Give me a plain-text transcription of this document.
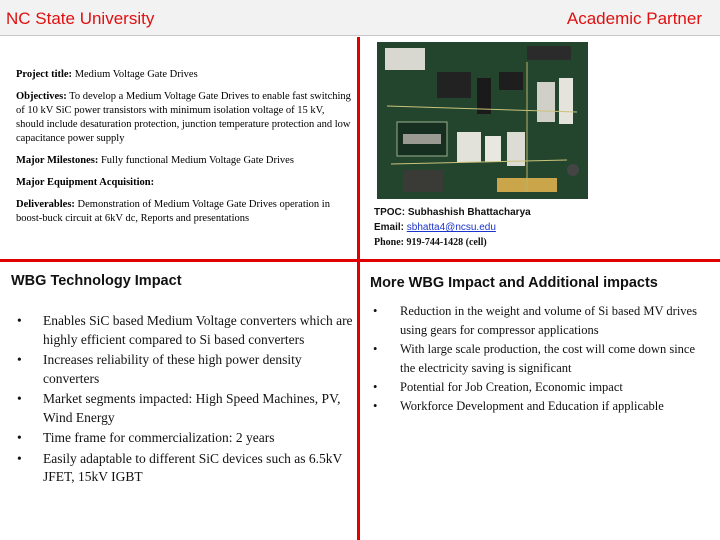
NC State University	Academic Partner

Project title: Medium Voltage Gate Drives

Objectives: To develop a Medium Voltage Gate Drives to enable fast switching of 10 kV SiC power transistors with minimum isolation voltage of 15 kV, should include desaturation protection, junction temperature protection and low capacitance power supply

Major Milestones: Fully functional Medium Voltage Gate Drives

Major Equipment Acquisition:

Deliverables: Demonstration of Medium Voltage Gate Drives operation in boost-buck circuit at 6kV dc, Reports and presentations

TPOC: Subhashish Bhattacharya
Email: sbhatta4@ncsu.edu
Phone: 919-744-1428 (cell)
WBG Technology Impact	More WBG Impact and Additional impacts
• Enables SiC based Medium Voltage converters which are highly efficient compared to Si based converters
• Increases reliability of these high power density converters
• Market segments impacted: High Speed Machines, PV, Wind Energy
• Time frame for commercialization: 2 years
• Easily adaptable to different SiC devices such as 6.5kV JFET, 15kV IGBT
• Reduction in the weight and volume of Si based MV drives using gears for compressor applications
• With large scale production, the cost will come down since the electricity saving is significant
• Potential for Job Creation, Economic impact
• Workforce Development and Education if applicable
